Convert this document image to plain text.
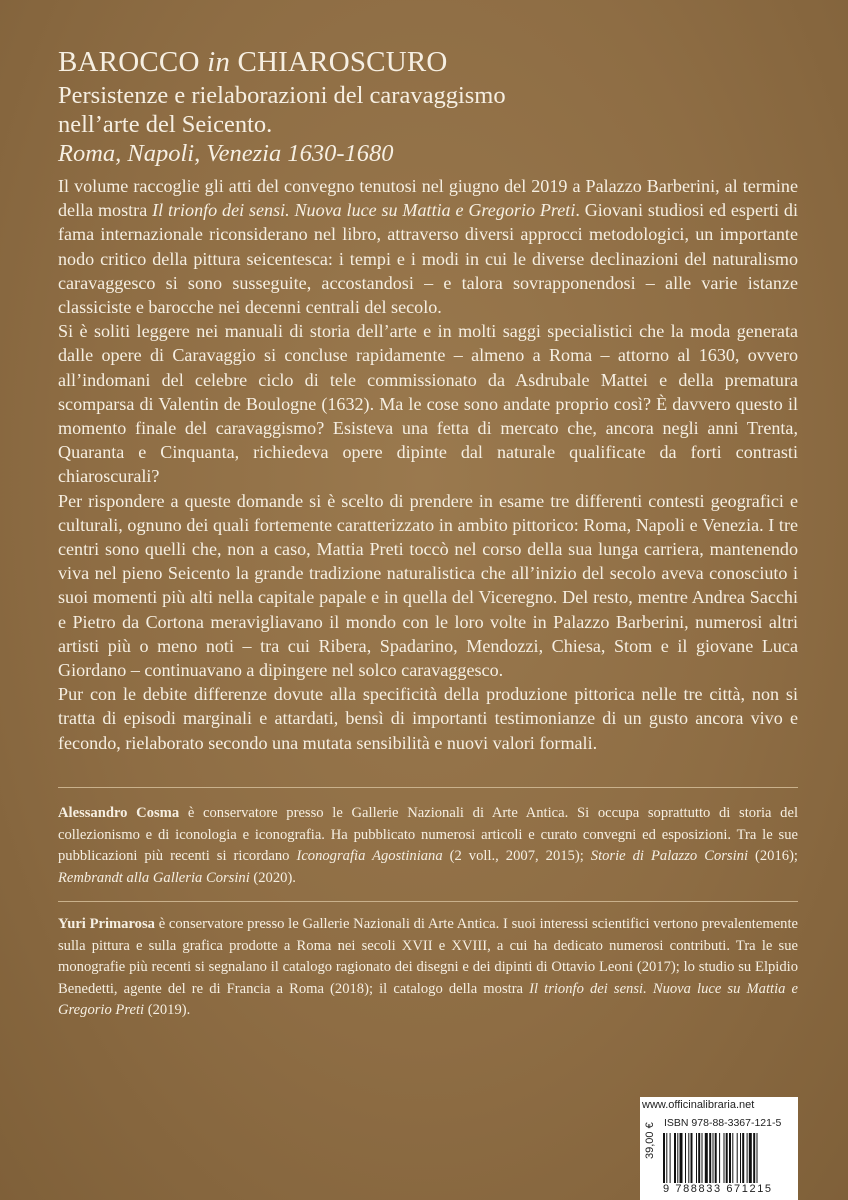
BAROCCO in CHIAROSCURO

Persistenze e rielaborazioni del caravaggismo
nell’arte del Seicento.

Roma, Napoli, Venezia 1630-1680

Il volume raccoglie gli atti del convegno tenutosi nel giugno del 2019 a Palazzo Barberini, al termine della mostra Il trionfo dei sensi. Nuova luce su Mattia e Gregorio Preti. Giovani studiosi ed esperti di fama internazionale riconsiderano nel libro, attraverso diversi approcci metodologici, un importante nodo critico della pittura seicentesca: i tempi e i modi in cui le diverse declinazioni del naturalismo caravaggesco si sono susseguite, accostandosi – e talora sovrapponendosi – alle varie istanze classiciste e barocche nei decenni centrali del secolo.

Si è soliti leggere nei manuali di storia dell’arte e in molti saggi specialistici che la moda generata dalle opere di Caravaggio si concluse rapidamente – almeno a Roma – attorno al 1630, ovvero all’indomani del celebre ciclo di tele commissionato da Asdrubale Mattei e della prematura scomparsa di Valentin de Boulogne (1632). Ma le cose sono andate proprio così? È davvero questo il momento finale del caravaggismo? Esisteva una fetta di mercato che, ancora negli anni Trenta, Quaranta e Cinquanta, richiedeva opere dipinte dal naturale qualificate da forti contrasti chiaroscurali?

Per rispondere a queste domande si è scelto di prendere in esame tre differenti contesti geografici e culturali, ognuno dei quali fortemente caratterizzato in ambito pittorico: Roma, Napoli e Venezia. I tre centri sono quelli che, non a caso, Mattia Preti toccò nel corso della sua lunga carriera, mantenendo viva nel pieno Seicento la grande tradizione naturalistica che all’inizio del secolo aveva conosciuto i suoi momenti più alti nella capitale papale e in quella del Viceregno. Del resto, mentre Andrea Sacchi e Pietro da Cortona meravigliavano il mondo con le loro volte in Palazzo Barberini, numerosi altri artisti più o meno noti – tra cui Ribera, Spadarino, Mendozzi, Chiesa, Stom e il giovane Luca Giordano – continuavano a dipingere nel solco caravaggesco.

Pur con le debite differenze dovute alla specificità della produzione pittorica nelle tre città, non si tratta di episodi marginali e attardati, bensì di importanti testimonianze di un gusto ancora vivo e fecondo, rielaborato secondo una mutata sensibilità e nuovi valori formali.

Alessandro Cosma è conservatore presso le Gallerie Nazionali di Arte Antica. Si occupa soprattutto di storia del collezionismo e di iconologia e iconografia. Ha pubblicato numerosi articoli e curato convegni ed esposizioni. Tra le sue pubblicazioni più recenti si ricordano Iconografia Agostiniana (2 voll., 2007, 2015); Storie di Palazzo Corsini (2016); Rembrandt alla Galleria Corsini (2020).

Yuri Primarosa è conservatore presso le Gallerie Nazionali di Arte Antica. I suoi interessi scientifici vertono prevalentemente sulla pittura e sulla grafica prodotte a Roma nei secoli XVII e XVIII, a cui ha dedicato numerosi contributi. Tra le sue monografie più recenti si segnalano il catalogo ragionato dei disegni e dei dipinti di Ottavio Leoni (2017); lo studio su Elpidio Benedetti, agente del re di Francia a Roma (2018); il catalogo della mostra Il trionfo dei sensi. Nuova luce su Mattia e Gregorio Preti (2019).

www.officinalibraria.net
ISBN 978-88-3367-121-5
39,00 €
9 788833 671215
